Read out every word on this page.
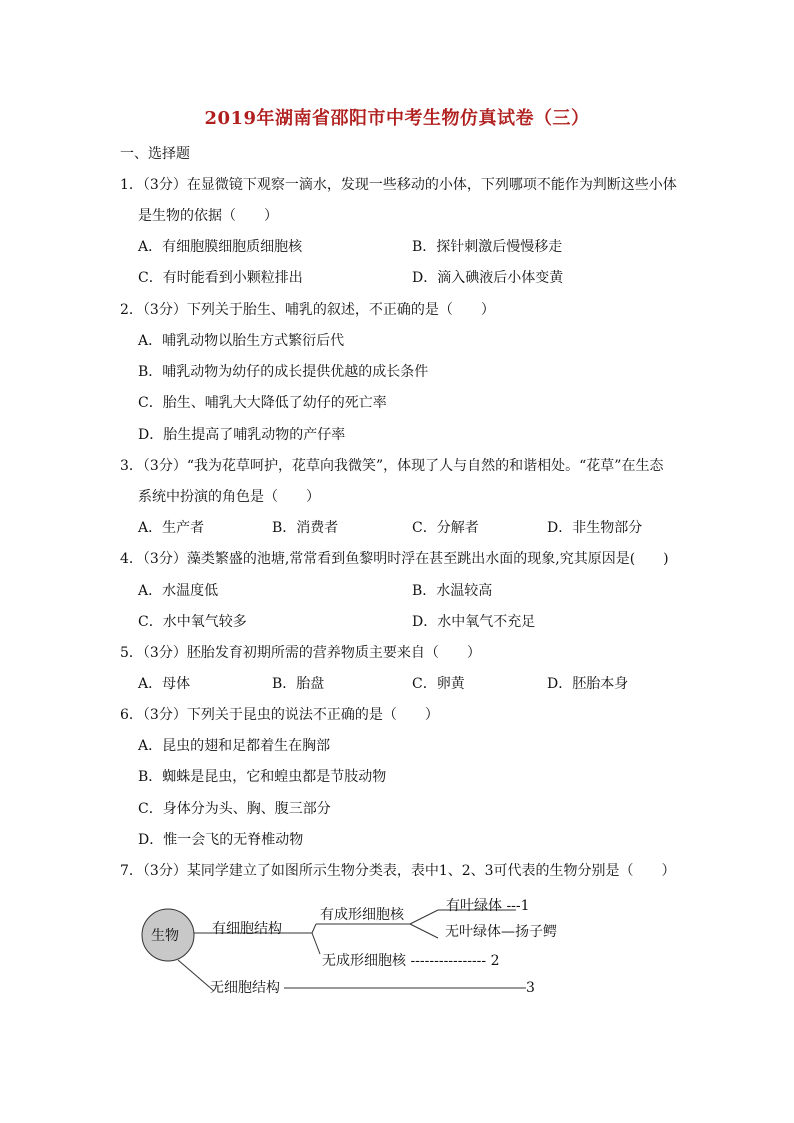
2019年湖南省邵阳市中考生物仿真试卷（三）
一、选择题
1．（3分）在显微镜下观察一滴水，发现一些移动的小体，下列哪项不能作为判断这些小体
是生物的依据（　　）
A．有细胞膜细胞质细胞核	B．探针刺激后慢慢移走
C．有时能看到小颗粒排出	D．滴入碘液后小体变黄
2．（3分）下列关于胎生、哺乳的叙述，不正确的是（　　）
A．哺乳动物以胎生方式繁衍后代
B．哺乳动物为幼仔的成长提供优越的成长条件
C．胎生、哺乳大大降低了幼仔的死亡率
D．胎生提高了哺乳动物的产仔率
3．（3分）“我为花草呵护，花草向我微笑”，体现了人与自然的和谐相处。“花草”在生态
系统中扮演的角色是（　　）
A．生产者	B．消费者	C．分解者	D．非生物部分
4．（3分）藻类繁盛的池塘,常常看到鱼黎明时浮在甚至跳出水面的现象,究其原因是(　　)
A．水温度低	B．水温较高
C．水中氧气较多	D．水中氧气不充足
5．（3分）胚胎发育初期所需的营养物质主要来自（　　）
A．母体	B．胎盘	C．卵黄	D．胚胎本身
6．（3分）下列关于昆虫的说法不正确的是（　　）
A．昆虫的翅和足都着生在胸部
B．蜘蛛是昆虫，它和蝗虫都是节肢动物
C．身体分为头、胸、腹三部分
D．惟一会飞的无脊椎动物
7．（3分）某同学建立了如图所示生物分类表，表中1、2、3可代表的生物分别是（　　）
生物 有细胞结构
有成形细胞核
有叶绿体 ---1
无叶绿体—扬子鳄
无成形细胞核 ---------------- 2
无细胞结构	3
